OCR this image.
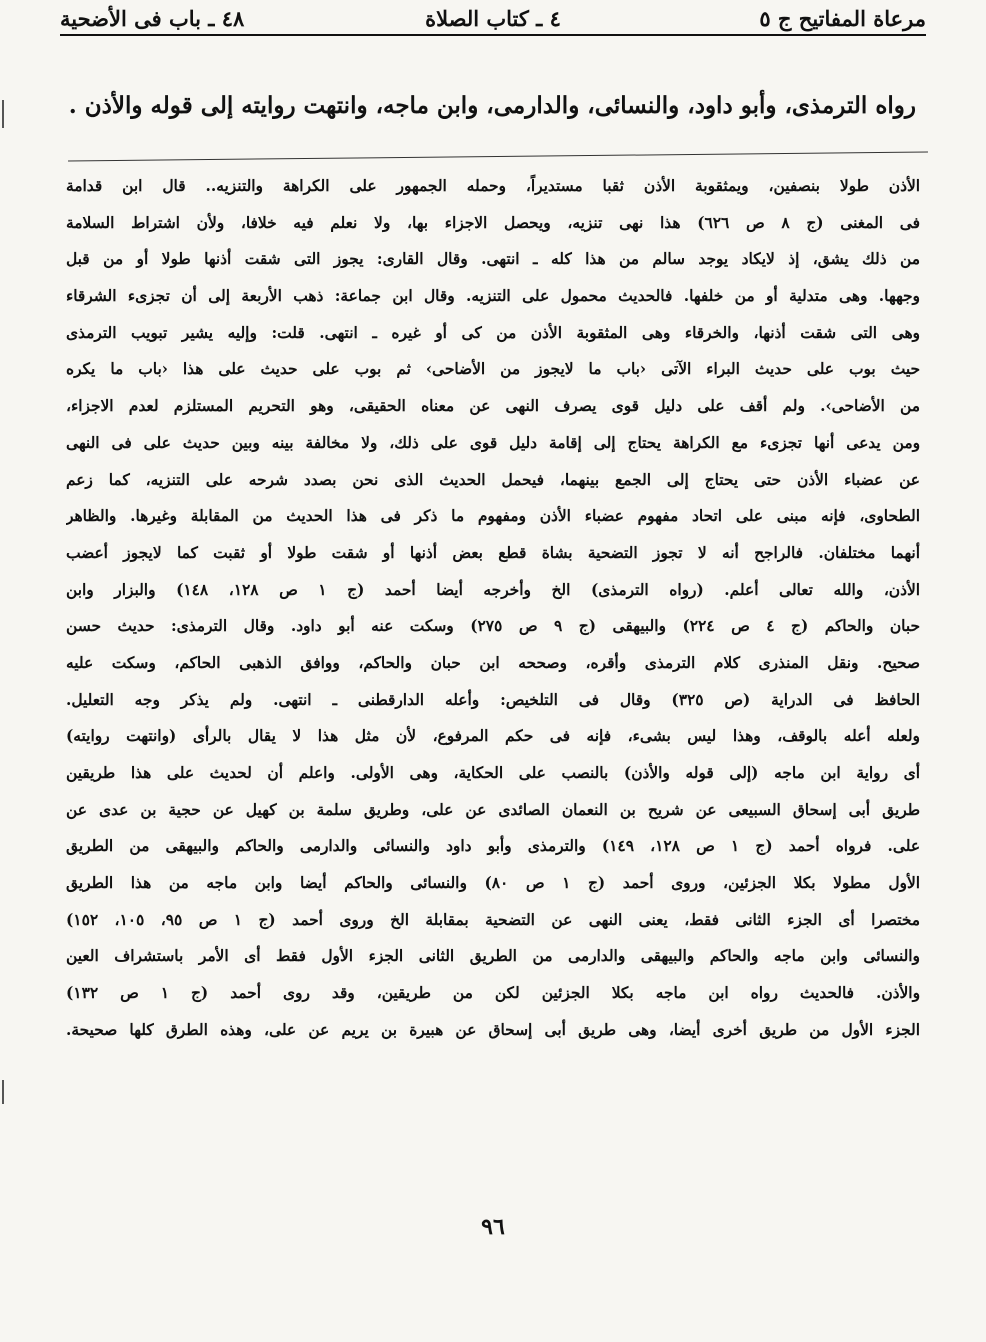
مرعاة المفاتيح ج ٥
٤ ـ كتاب الصلاة
٤٨ ـ باب فى الأضحية
رواه الترمذى، وأبو داود، والنسائى، والدارمى، وابن ماجه، وانتهت روايته إلى قوله والأذن .
الأذن طولا بنصفين، ويمثقوبة الأذن ثقبا مستديراً، وحمله الجمهور على الكراهة والتنزيه.. قال ابن قدامة
فى المغنى (ج ٨ ص ٦٢٦) هذا نهى تنزيه، ويحصل الاجزاء بها، ولا نعلم فيه خلافا، ولأن اشتراط السلامة
من ذلك يشق، إذ لايكاد يوجد سالم من هذا كله ـ انتهى. وقال القارى: يجوز التى شقت أذنها طولا أو من قبل
وجهها. وهى متدلية أو من خلفها. فالحديث محمول على التنزيه. وقال ابن جماعة: ذهب الأربعة إلى أن تجزىء الشرقاء
وهى التى شقت أذنها، والخرقاء وهى المثقوبة الأذن من كى أو غيره ـ انتهى. قلت: وإليه يشير تبويب الترمذى
حيث بوب على حديث البراء الآتى ‹باب ما لايجوز من الأضاحى› ثم بوب على حديث على هذا ‹باب ما يكره
من الأضاحى›. ولم أقف على دليل قوى يصرف النهى عن معناه الحقيقى، وهو التحريم المستلزم لعدم الاجزاء،
ومن يدعى أنها تجزىء مع الكراهة يحتاج إلى إقامة دليل قوى على ذلك، ولا مخالفة بينه وبين حديث على فى النهى
عن عضباء الأذن حتى يحتاج إلى الجمع بينهما، فيحمل الحديث الذى نحن بصدد شرحه على التنزيه، كما زعم
الطحاوى، فإنه مبنى على اتحاد مفهوم عضباء الأذن ومفهوم ما ذكر فى هذا الحديث من المقابلة وغيرها. والظاهر
أنهما مختلفان. فالراجح أنه لا تجوز التضحية بشاة قطع بعض أذنها أو شقت طولا أو ثقبت كما لايجوز أعضب
الأذن، والله تعالى أعلم. (رواه الترمذى) الخ وأخرجه أيضا أحمد (ج ١ ص ١٢٨، ١٤٨) والبزار وابن
حبان والحاكم (ج ٤ ص ٢٢٤) والبيهقى (ج ٩ ص ٢٧٥) وسكت عنه أبو داود. وقال الترمذى: حديث حسن
صحيح. ونقل المنذرى كلام الترمذى وأقره، وصححه ابن حبان والحاكم، ووافق الذهبى الحاكم، وسكت عليه
الحافظ فى الدراية (ص ٣٢٥) وقال فى التلخيص: وأعله الدارقطنى ـ انتهى. ولم يذكر وجه التعليل.
ولعله أعله بالوقف، وهذا ليس بشىء، فإنه فى حكم المرفوع، لأن مثل هذا لا يقال بالرأى (وانتهت روايته)
أى رواية ابن ماجه (إلى قوله والأذن) بالنصب على الحكاية، وهى الأولى. واعلم أن لحديث على هذا طريقين
طريق أبى إسحاق السبيعى عن شريح بن النعمان الصائدى عن على، وطريق سلمة بن كهيل عن حجية بن عدى عن
على. فرواه أحمد (ج ١ ص ١٢٨، ١٤٩) والترمذى وأبو داود والنسائى والدارمى والحاكم والبيهقى من الطريق
الأول مطولا بكلا الجزئين، وروى أحمد (ج ١ ص ٨٠) والنسائى والحاكم أيضا وابن ماجه من هذا الطريق
مختصرا أى الجزء الثانى فقط، يعنى النهى عن التضحية بمقابلة الخ وروى أحمد (ج ١ ص ٩٥، ١٠٥، ١٥٢)
والنسائى وابن ماجه والحاكم والبيهقى والدارمى من الطريق الثانى الجزء الأول فقط أى الأمر باستشراف العين
والأذن. فالحديث رواه ابن ماجه بكلا الجزئين لكن من طريقين، وقد روى أحمد (ج ١ ص ١٣٢)
الجزء الأول من طريق أخرى أيضا، وهى طريق أبى إسحاق عن هبيرة بن يريم عن على، وهذه الطرق كلها صحيحة.
٩٦
